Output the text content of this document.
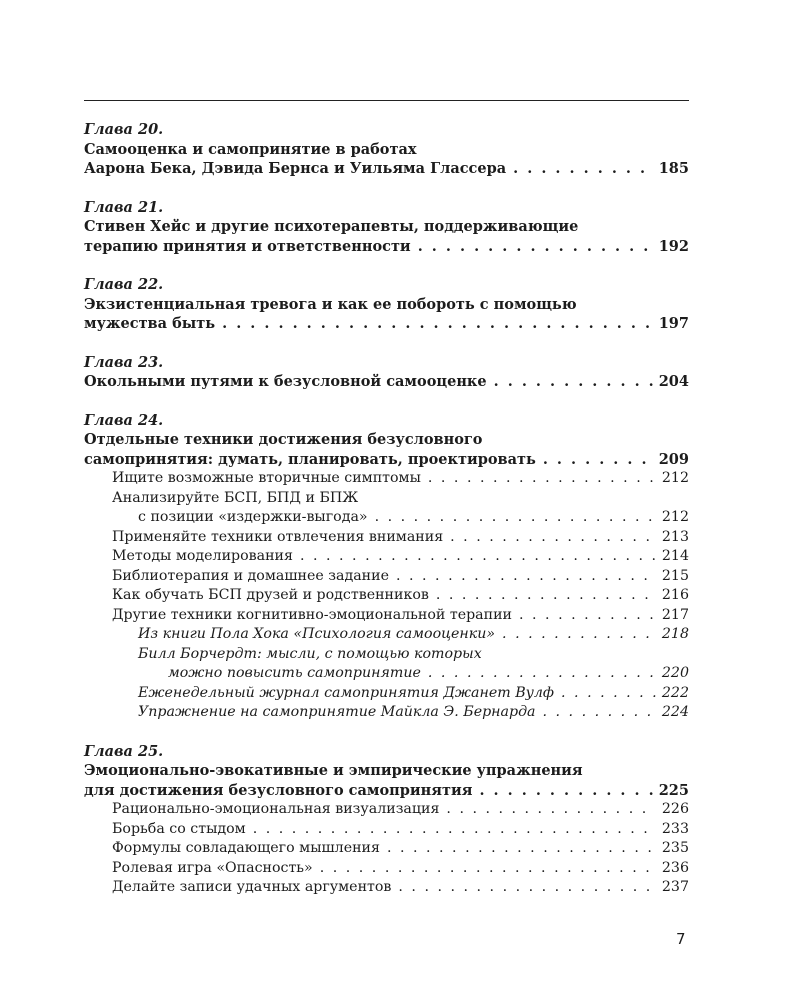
Глава 20.
Самооценка и самопринятие в работах
Аарона Бека, Дэвида Бернса и Уильяма Глассера . . .	185
Глава 21.
Стивен Хейс и другие психотерапевты, поддерживающие
терапию принятия и ответственности . . .	192
Глава 22.
Экзистенциальная тревога и как ее побороть с помощью
мужества быть . . .	197
Глава 23.
Окольными путями к безусловной самооценке . . .	204
Глава 24.
Отдельные техники достижения безусловного
самопринятия: думать, планировать, проектировать . . .	209
Ищите возможные вторичные симптомы . . .	212
Анализируйте БСП, БПД и БПЖ
с позиции «издержки-выгода» . . .	212
Применяйте техники отвлечения внимания . . .	213
Методы моделирования . . .	214
Библиотерапия и домашнее задание . . .	215
Как обучать БСП друзей и родственников . . .	216
Другие техники когнитивно-эмоциональной терапии . . .	217
Из книги Пола Хока «Психология самооценки» . . .	218
Билл Борчердт: мысли, с помощью которых
можно повысить самопринятие . . .	220
Еженедельный журнал самопринятия Джанет Вулф . . .	222
Упражнение на самопринятие Майкла Э. Бернарда . . .	224
Глава 25.
Эмоционально-эвокативные и эмпирические упражнения
для достижения безусловного самопринятия . . .	225
Рационально-эмоциональная визуализация . . .	226
Борьба со стыдом . . .	233
Формулы совладающего мышления . . .	235
Ролевая игра «Опасность» . . .	236
Делайте записи удачных аргументов . . .	237
7
